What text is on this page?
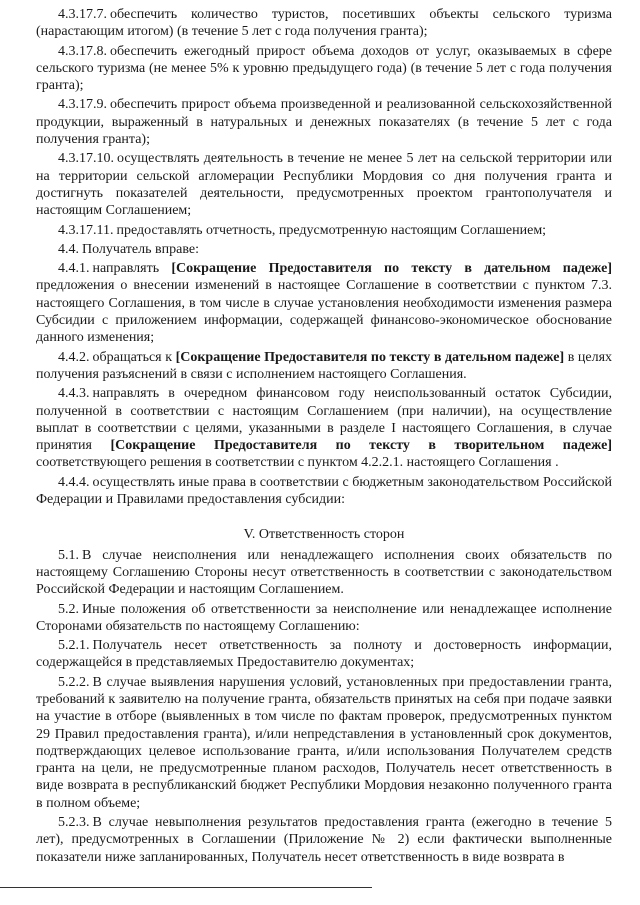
4.3.17.7. обеспечить количество туристов, посетивших объекты сельского туризма (нарастающим итогом) (в течение 5 лет с года получения гранта);

4.3.17.8. обеспечить ежегодный прирост объема доходов от услуг, оказываемых в сфере сельского туризма (не менее 5% к уровню предыдущего года) (в течение 5 лет с года получения гранта);

4.3.17.9. обеспечить прирост объема произведенной и реализованной сельскохозяйственной продукции, выраженный в натуральных и денежных показателях (в течение 5 лет с года получения гранта);

4.3.17.10. осуществлять деятельность в течение не менее 5 лет на сельской территории или на территории сельской агломерации Республики Мордовия со дня получения гранта и достигнуть показателей деятельности, предусмотренных проектом грантополучателя и настоящим Соглашением;

4.3.17.11. предоставлять отчетность, предусмотренную настоящим Соглашением;

4.4. Получатель вправе:

4.4.1. направлять [Сокращение Предоставителя по тексту в дательном падеже] предложения о внесении изменений в настоящее Соглашение в соответствии с пунктом 7.3. настоящего Соглашения, в том числе в случае установления необходимости изменения размера Субсидии с приложением информации, содержащей финансово-экономическое обоснование данного изменения;

4.4.2. обращаться к [Сокращение Предоставителя по тексту в дательном падеже] в целях получения разъяснений в связи с исполнением настоящего Соглашения.

4.4.3. направлять в очередном финансовом году неиспользованный остаток Субсидии, полученной в соответствии с настоящим Соглашением (при наличии), на осуществление выплат в соответствии с целями, указанными в разделе I настоящего Соглашения, в случае принятия [Сокращение Предоставителя по тексту в творительном падеже] соответствующего решения в соответствии с пунктом 4.2.2.1. настоящего Соглашения .

4.4.4. осуществлять иные права в соответствии с бюджетным законодательством Российской Федерации и Правилами предоставления субсидии:

V. Ответственность сторон

5.1. В случае неисполнения или ненадлежащего исполнения своих обязательств по настоящему Соглашению Стороны несут ответственность в соответствии с законодательством Российской Федерации и настоящим Соглашением.

5.2. Иные положения об ответственности за неисполнение или ненадлежащее исполнение Сторонами обязательств по настоящему Соглашению:

5.2.1. Получатель несет ответственность за полноту и достоверность информации, содержащейся в представляемых Предоставителю документах;

5.2.2. В случае выявления нарушения условий, установленных при предоставлении гранта, требований к заявителю на получение гранта, обязательств принятых на себя при подаче заявки на участие в отборе (выявленных в том числе по фактам проверок, предусмотренных пунктом 29 Правил предоставления гранта), и/или непредставления в установленный срок документов, подтверждающих целевое использование гранта, и/или использования Получателем средств гранта на цели, не предусмотренные планом расходов, Получатель несет ответственность в виде возврата в республиканский бюджет Республики Мордовия незаконно полученного гранта в полном объеме;

5.2.3. В случае невыполнения результатов предоставления гранта (ежегодно в течение 5 лет), предусмотренных в Соглашении (Приложение № 2) если фактически выполненные показатели ниже запланированных, Получатель несет ответственность в виде возврата в
